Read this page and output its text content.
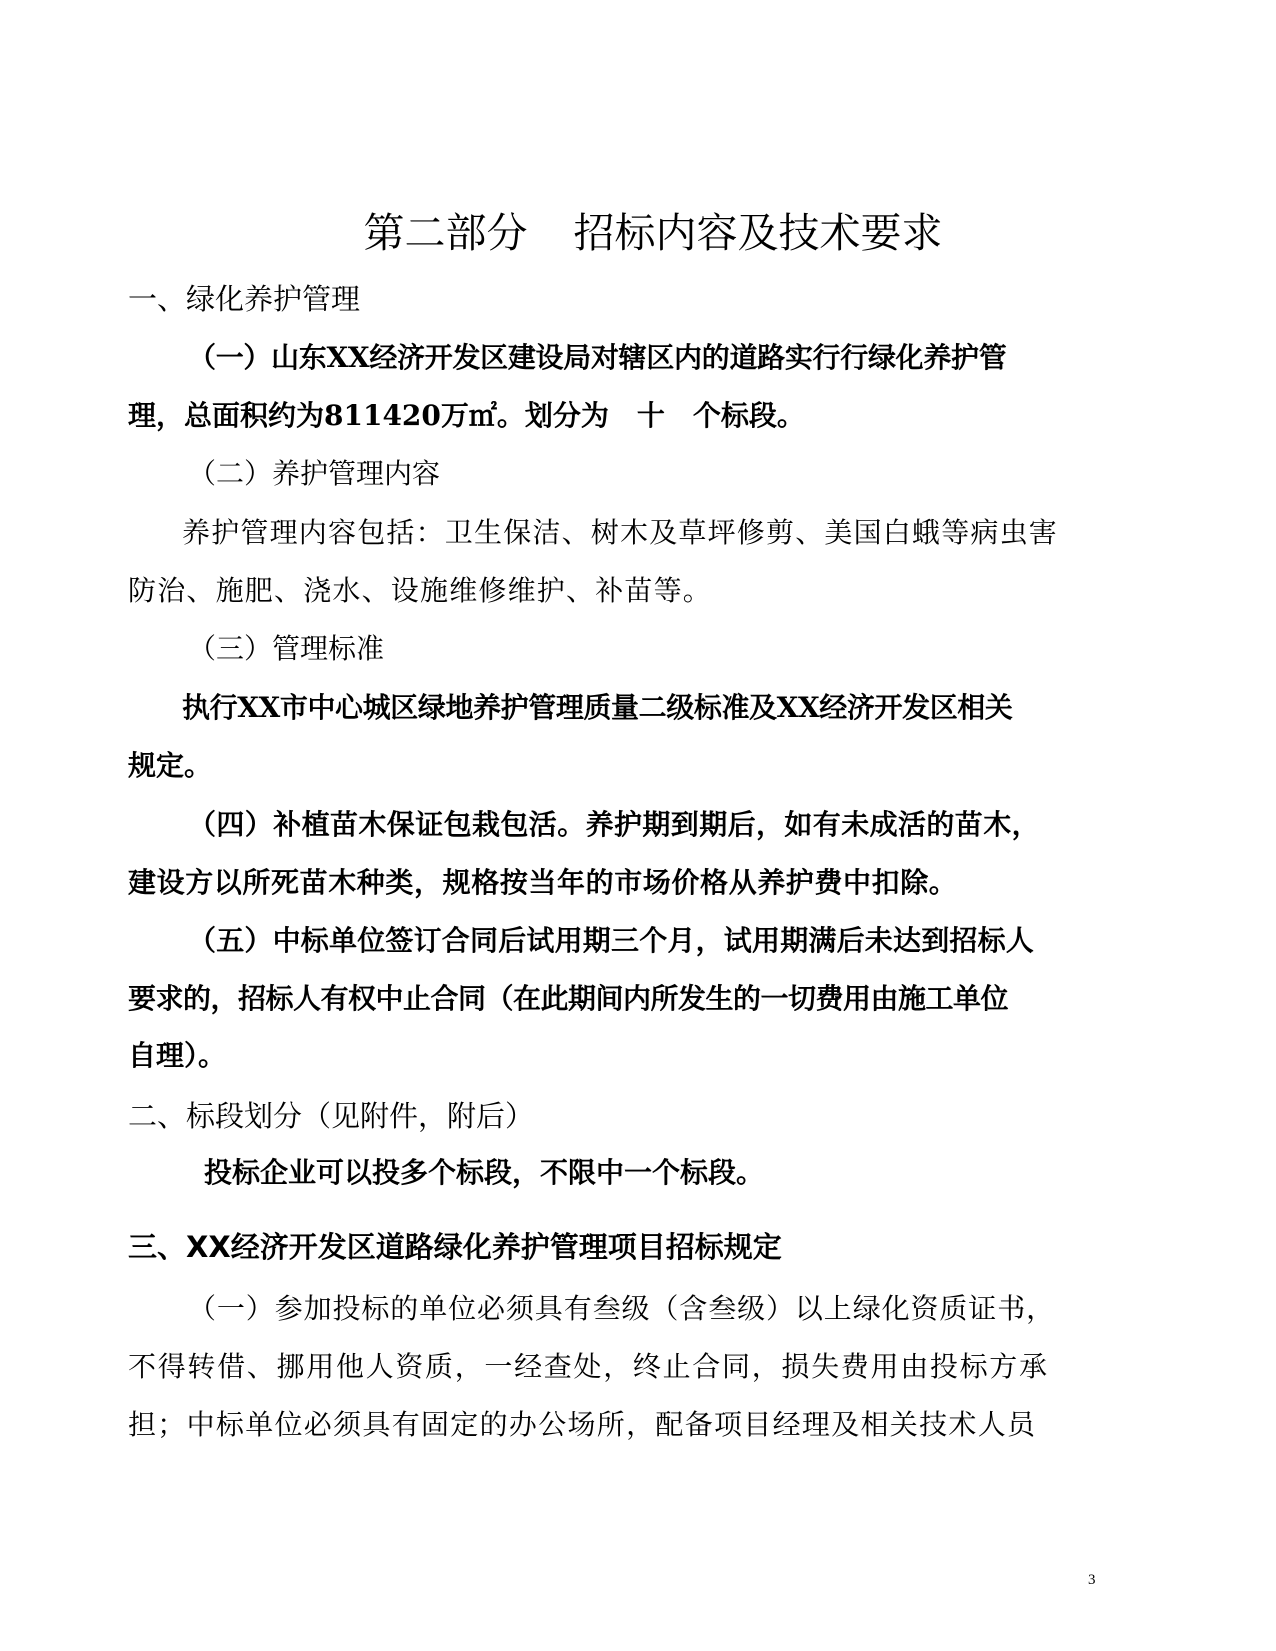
第二部分 招标内容及技术要求
一、绿化养护管理
（一）山东XX经济开发区建设局对辖区内的道路实行行绿化养护管
理，总面积约为811420万㎡。划分为　十　个标段。
（二）养护管理内容
养护管理内容包括：卫生保洁、树木及草坪修剪、美国白蛾等病虫害
防治、施肥、浇水、设施维修维护、补苗等。
（三）管理标准
执行XX市中心城区绿地养护管理质量二级标准及XX经济开发区相关
规定。
（四）补植苗木保证包栽包活。养护期到期后，如有未成活的苗木，
建设方以所死苗木种类，规格按当年的市场价格从养护费中扣除。
（五）中标单位签订合同后试用期三个月，试用期满后未达到招标人
要求的，招标人有权中止合同（在此期间内所发生的一切费用由施工单位
自理）。
二、标段划分（见附件，附后）
投标企业可以投多个标段，不限中一个标段。
三、XX经济开发区道路绿化养护管理项目招标规定
（一）参加投标的单位必须具有叁级（含叁级）以上绿化资质证书，
不得转借、挪用他人资质，一经查处，终止合同，损失费用由投标方承
担；中标单位必须具有固定的办公场所，配备项目经理及相关技术人员
3
